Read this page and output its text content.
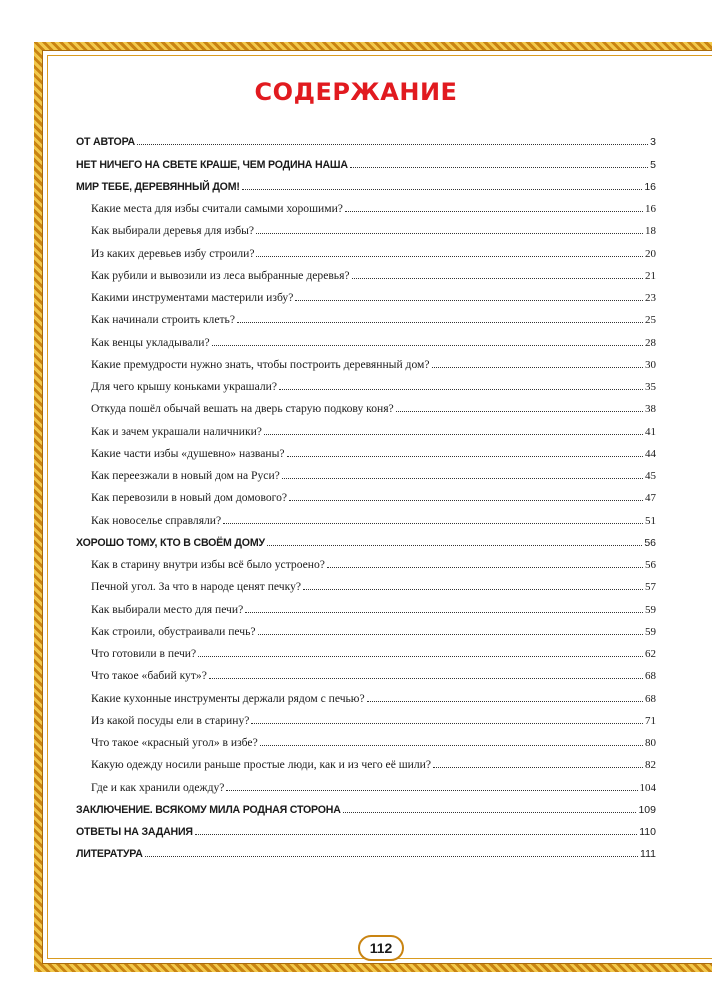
СОДЕРЖАНИЕ
ОТ АВТОРА	3
НЕТ НИЧЕГО НА СВЕТЕ КРАШЕ, ЧЕМ РОДИНА НАША	5
МИР ТЕБЕ, ДЕРЕВЯННЫЙ ДОМ!	16
Какие места для избы считали самыми хорошими?	16
Как выбирали деревья для избы?	18
Из каких деревьев избу строили?	20
Как рубили и вывозили из леса выбранные деревья?	21
Какими инструментами мастерили избу?	23
Как начинали строить клеть?	25
Как венцы укладывали?	28
Какие премудрости нужно знать, чтобы построить деревянный дом?	30
Для чего крышу коньками украшали?	35
Откуда пошёл обычай вешать на дверь старую подкову коня?	38
Как и зачем украшали наличники?	41
Какие части избы «душевно» названы?	44
Как переезжали в новый дом на Руси?	45
Как перевозили в новый дом домового?	47
Как новоселье справляли?	51
ХОРОШО ТОМУ, КТО В СВОЁМ ДОМУ	56
Как в старину внутри избы всё было устроено?	56
Печной угол. За что в народе ценят печку?	57
Как выбирали место для печи?	59
Как строили, обустраивали печь?	59
Что готовили в печи?	62
Что такое «бабий кут»?	68
Какие кухонные инструменты держали рядом с печью?	68
Из какой посуды ели в старину?	71
Что такое «красный угол» в избе?	80
Какую одежду носили раньше простые люди, как и из чего её шили?	82
Где и как хранили одежду?	104
ЗАКЛЮЧЕНИЕ. ВСЯКОМУ МИЛА РОДНАЯ СТОРОНА	109
ОТВЕТЫ НА ЗАДАНИЯ	110
ЛИТЕРАТУРА	111
112
